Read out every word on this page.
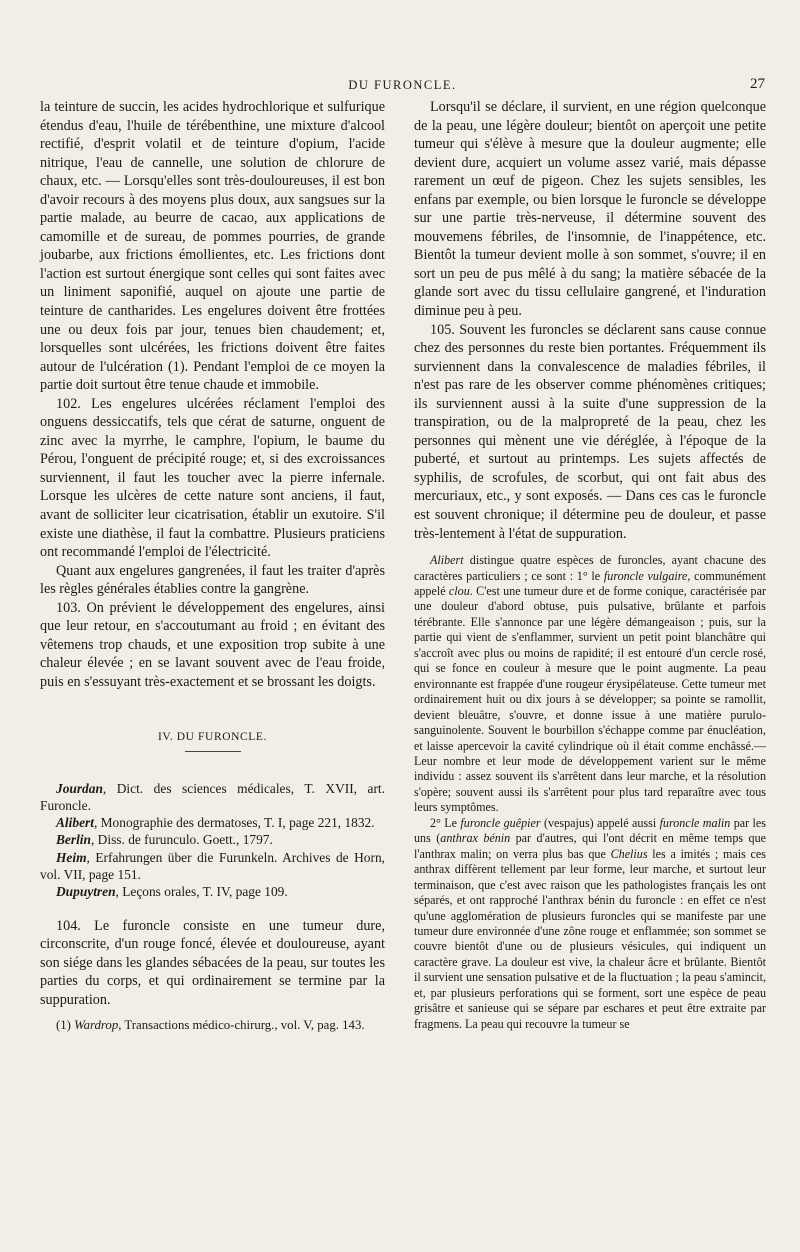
DU FURONCLE.	27

la teinture de succin, les acides hydrochlorique et sulfurique étendus d'eau, l'huile de térébenthine, une mixture d'alcool rectifié, d'esprit volatil et de teinture d'opium, l'acide nitrique, l'eau de cannelle, une solution de chlorure de chaux, etc. — Lorsqu'elles sont très-douloureuses, il est bon d'avoir recours à des moyens plus doux, aux sangsues sur la partie malade, au beurre de cacao, aux applications de camomille et de sureau, de pommes pourries, de grande joubarbe, aux frictions émollientes, etc. Les frictions dont l'action est surtout énergique sont celles qui sont faites avec un liniment saponifié, auquel on ajoute une partie de teinture de cantharides. Les engelures doivent être frottées une ou deux fois par jour, tenues bien chaudement; et, lorsquelles sont ulcérées, les frictions doivent être faites autour de l'ulcération (1). Pendant l'emploi de ce moyen la partie doit surtout être tenue chaude et immobile.

102. Les engelures ulcérées réclament l'emploi des onguens dessiccatifs, tels que cérat de saturne, onguent de zinc avec la myrrhe, le camphre, l'opium, le baume du Pérou, l'onguent de précipité rouge; et, si des excroissances surviennent, il faut les toucher avec la pierre infernale. Lorsque les ulcères de cette nature sont anciens, il faut, avant de solliciter leur cicatrisation, établir un exutoire. S'il existe une diathèse, il faut la combattre. Plusieurs praticiens ont recommandé l'emploi de l'électricité.

Quant aux engelures gangrenées, il faut les traiter d'après les règles générales établies contre la gangrène.

103. On prévient le développement des engelures, ainsi que leur retour, en s'accoutumant au froid ; en évitant des vêtemens trop chauds, et une exposition trop subite à une chaleur élevée ; en se lavant souvent avec de l'eau froide, puis en s'essuyant très-exactement et se brossant les doigts.

IV. DU FURONCLE.

Jourdan, Dict. des sciences médicales, T. XVII, art. Furoncle.

Alibert, Monographie des dermatoses, T. I, page 221, 1832.

Berlin, Diss. de furunculo. Goett., 1797.

Heim, Erfahrungen über die Furunkeln. Archives de Horn, vol. VII, page 151.

Dupuytren, Leçons orales, T. IV, page 109.

104. Le furoncle consiste en une tumeur dure, circonscrite, d'un rouge foncé, élevée et douloureuse, ayant son siége dans les glandes sébacées de la peau, sur toutes les parties du corps, et qui ordinairement se termine par la suppuration.

(1) Wardrop, Transactions médico-chirurg., vol. V, pag. 143.

Lorsqu'il se déclare, il survient, en une région quelconque de la peau, une légère douleur; bientôt on aperçoit une petite tumeur qui s'élève à mesure que la douleur augmente; elle devient dure, acquiert un volume assez varié, mais dépasse rarement un œuf de pigeon. Chez les sujets sensibles, les enfans par exemple, ou bien lorsque le furoncle se développe sur une partie très-nerveuse, il détermine souvent des mouvemens fébriles, de l'insomnie, de l'inappétence, etc. Bientôt la tumeur devient molle à son sommet, s'ouvre; il en sort un peu de pus mêlé à du sang; la matière sébacée de la glande sort avec du tissu cellulaire gangrené, et l'induration diminue peu à peu.

105. Souvent les furoncles se déclarent sans cause connue chez des personnes du reste bien portantes. Fréquemment ils surviennent dans la convalescence de maladies fébriles, il n'est pas rare de les observer comme phénomènes critiques; ils surviennent aussi à la suite d'une suppression de la transpiration, ou de la malpropreté de la peau, chez les personnes qui mènent une vie déréglée, à l'époque de la puberté, et surtout au printemps. Les sujets affectés de syphilis, de scrofules, de scorbut, qui ont fait abus des mercuriaux, etc., y sont exposés. — Dans ces cas le furoncle est souvent chronique; il détermine peu de douleur, et passe très-lentement à l'état de suppuration.

Alibert distingue quatre espèces de furoncles, ayant chacune des caractères particuliers ; ce sont : 1° le furoncle vulgaire, communément appelé clou. C'est une tumeur dure et de forme conique, caractérisée par une douleur d'abord obtuse, puis pulsative, brûlante et parfois térébrante. Elle s'annonce par une légère démangeaison ; puis, sur la partie qui vient de s'enflammer, survient un petit point blanchâtre qui s'accroît avec plus ou moins de rapidité; il est entouré d'un cercle rosé, qui se fonce en couleur à mesure que le point augmente. La peau environnante est frappée d'une rougeur érysipélateuse. Cette tumeur met ordinairement huit ou dix jours à se développer; sa pointe se ramollit, devient bleuâtre, s'ouvre, et donne issue à une matière purulo-sanguinolente. Souvent le bourbillon s'échappe comme par énucléation, et laisse apercevoir la cavité cylindrique où il était comme enchâssé.— Leur nombre et leur mode de développement varient sur le même individu : assez souvent ils s'arrêtent dans leur marche, et la résolution s'opère; souvent aussi ils s'arrêtent pour plus tard reparaître avec tous leurs symptômes.

2° Le furoncle guêpier (vespajus) appelé aussi furoncle malin par les uns (anthrax bénin par d'autres, qui l'ont décrit en même temps que l'anthrax malin; on verra plus bas que Chelius les a imités ; mais ces anthrax diffèrent tellement par leur forme, leur marche, et surtout leur terminaison, que c'est avec raison que les pathologistes français les ont séparés, et ont rapproché l'anthrax bénin du furoncle : en effet ce n'est qu'une agglomération de plusieurs furoncles qui se manifeste par une tumeur dure environnée d'une zône rouge et enflammée; son sommet se couvre bientôt d'une ou de plusieurs vésicules, qui indiquent un caractère grave. La douleur est vive, la chaleur âcre et brûlante. Bientôt il survient une sensation pulsative et de la fluctuation ; la peau s'amincit, et, par plusieurs perforations qui se forment, sort une espèce de peau grisâtre et sanieuse qui se sépare par eschares et peut être extraite par fragmens. La peau qui recouvre la tumeur se
